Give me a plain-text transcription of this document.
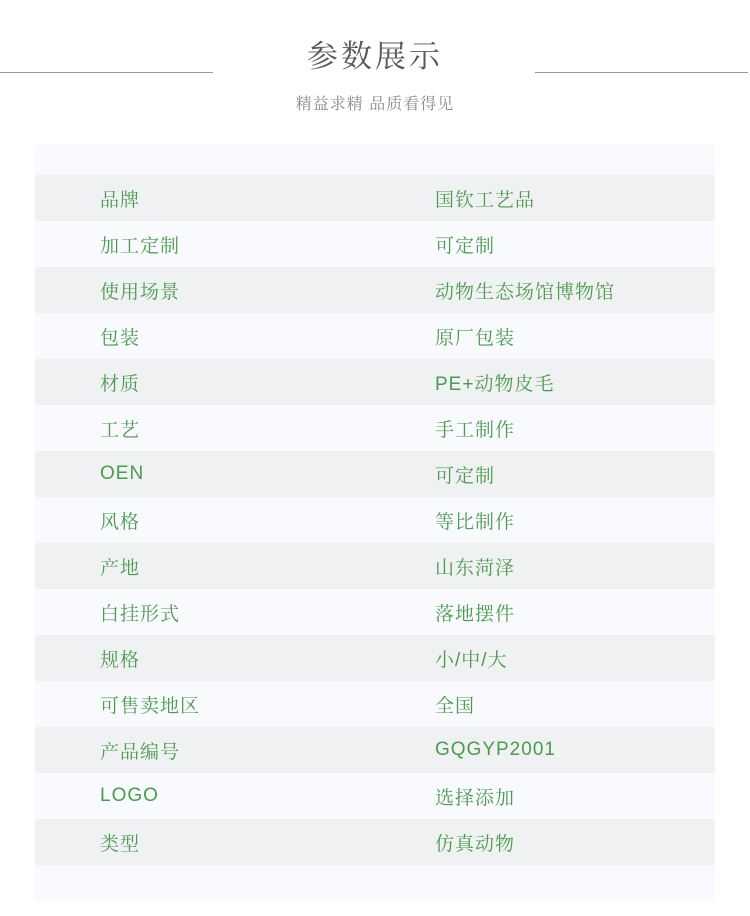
参数展示
精益求精 品质看得见
品牌	国钦工艺品
加工定制	可定制
使用场景	动物生态场馆博物馆
包装	原厂包装
材质	PE+动物皮毛
工艺	手工制作
OEN	可定制
风格	等比制作
产地	山东菏泽
白挂形式	落地摆件
规格	小/中/大
可售卖地区	全国
产品编号	GQGYP2001
LOGO	选择添加
类型	仿真动物
